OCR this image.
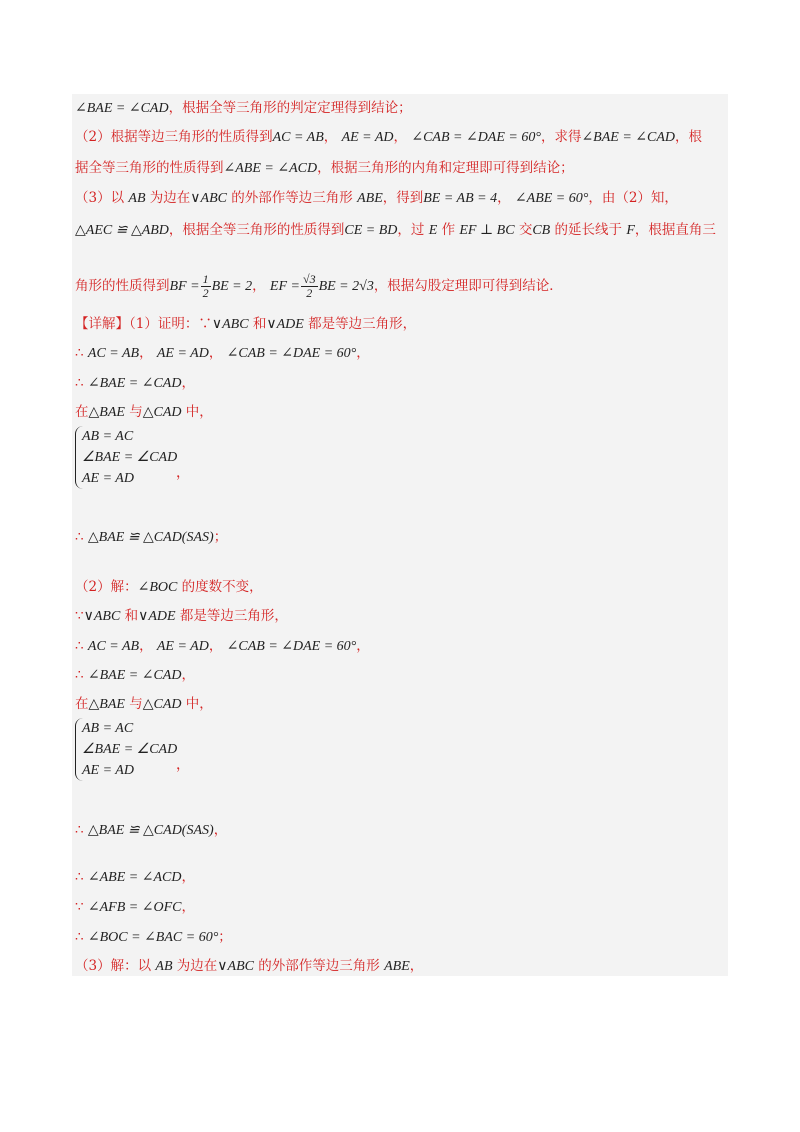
∠BAE = ∠CAD，根据全等三角形的判定定理得到结论；
（2）根据等边三角形的性质得到AC = AB， AE = AD， ∠CAB = ∠DAE = 60°，求得∠BAE = ∠CAD，根
据全等三角形的性质得到∠ABE = ∠ACD，根据三角形的内角和定理即可得到结论；
（3）以 AB 为边在∨ABC 的外部作等边三角形 ABE，得到BE = AB = 4， ∠ABE = 60°，由（2）知，
△AEC ≌ △ABD，根据全等三角形的性质得到CE = BD，过 E 作 EF ⊥ BC 交CB 的延长线于 F，根据直角三
角形的性质得到BF = $\frac{1}{2}$ BE = 2， EF = $\frac{√3}{2}$ BE = 2√3，根据勾股定理即可得到结论．
【详解】（1）证明：∵∨ABC 和∨ADE 都是等边三角形，
∴ AC = AB， AE = AD， ∠CAB = ∠DAE = 60°，
∴ ∠BAE = ∠CAD，
在△BAE 与△CAD 中，
∴ △BAE ≌ △CAD(SAS)；
（2）解：∠BOC 的度数不变，
∵∨ABC 和∨ADE 都是等边三角形，
∴ AC = AB， AE = AD， ∠CAB = ∠DAE = 60°，
∴ ∠BAE = ∠CAD，
在△BAE 与△CAD 中，
∴ △BAE ≌ △CAD(SAS)，
∴ ∠ABE = ∠ACD，
∵ ∠AFB = ∠OFC，
∴ ∠BOC = ∠BAC = 60°；
（3）解：以 AB 为边在∨ABC 的外部作等边三角形 ABE，
AB = AC
∠BAE = ∠CAD
AE = AD	，
AB = AC
∠BAE = ∠CAD
AE = AD	，
